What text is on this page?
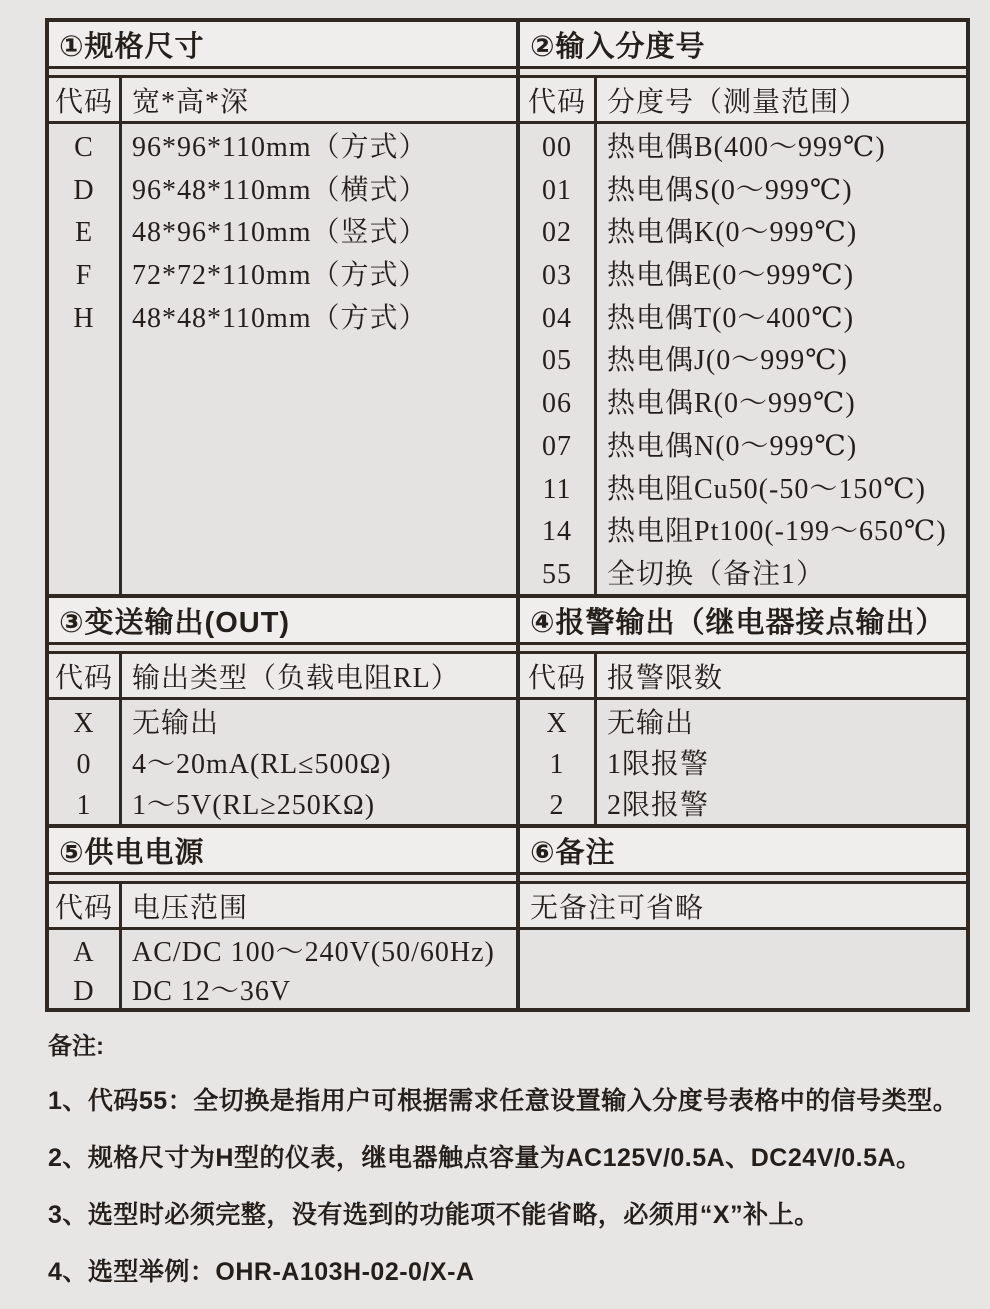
①规格尺寸
代码 宽*高*深
C
D
E
F
H
96*96*110mm（方式）
96*48*110mm（横式）
48*96*110mm（竖式）
72*72*110mm（方式）
48*48*110mm（方式）
②输入分度号
代码 分度号（测量范围）
00
01
02
03
04
05
06
07
11
14
55
热电偶B(400～999℃)
热电偶S(0～999℃)
热电偶K(0～999℃)
热电偶E(0～999℃)
热电偶T(0～400℃)
热电偶J(0～999℃)
热电偶R(0～999℃)
热电偶N(0～999℃)
热电阻Cu50(-50～150℃)
热电阻Pt100(-199～650℃)
全切换（备注1）
③变送输出(OUT)
代码 输出类型（负载电阻RL）
X
0
1
无输出
4～20mA(RL≤500Ω)
1～5V(RL≥250KΩ)
④报警输出（继电器接点输出）
代码 报警限数
X
1
2
无输出
1限报警
2限报警
⑤供电电源
代码 电压范围
A
D
AC/DC 100～240V(50/60Hz)
DC 12～36V
⑥备注
无备注可省略
备注:
1、代码55：全切换是指用户可根据需求任意设置输入分度号表格中的信号类型。
2、规格尺寸为H型的仪表，继电器触点容量为AC125V/0.5A、DC24V/0.5A。
3、选型时必须完整，没有选到的功能项不能省略，必须用“X”补上。
4、选型举例：OHR-A103H-02-0/X-A
